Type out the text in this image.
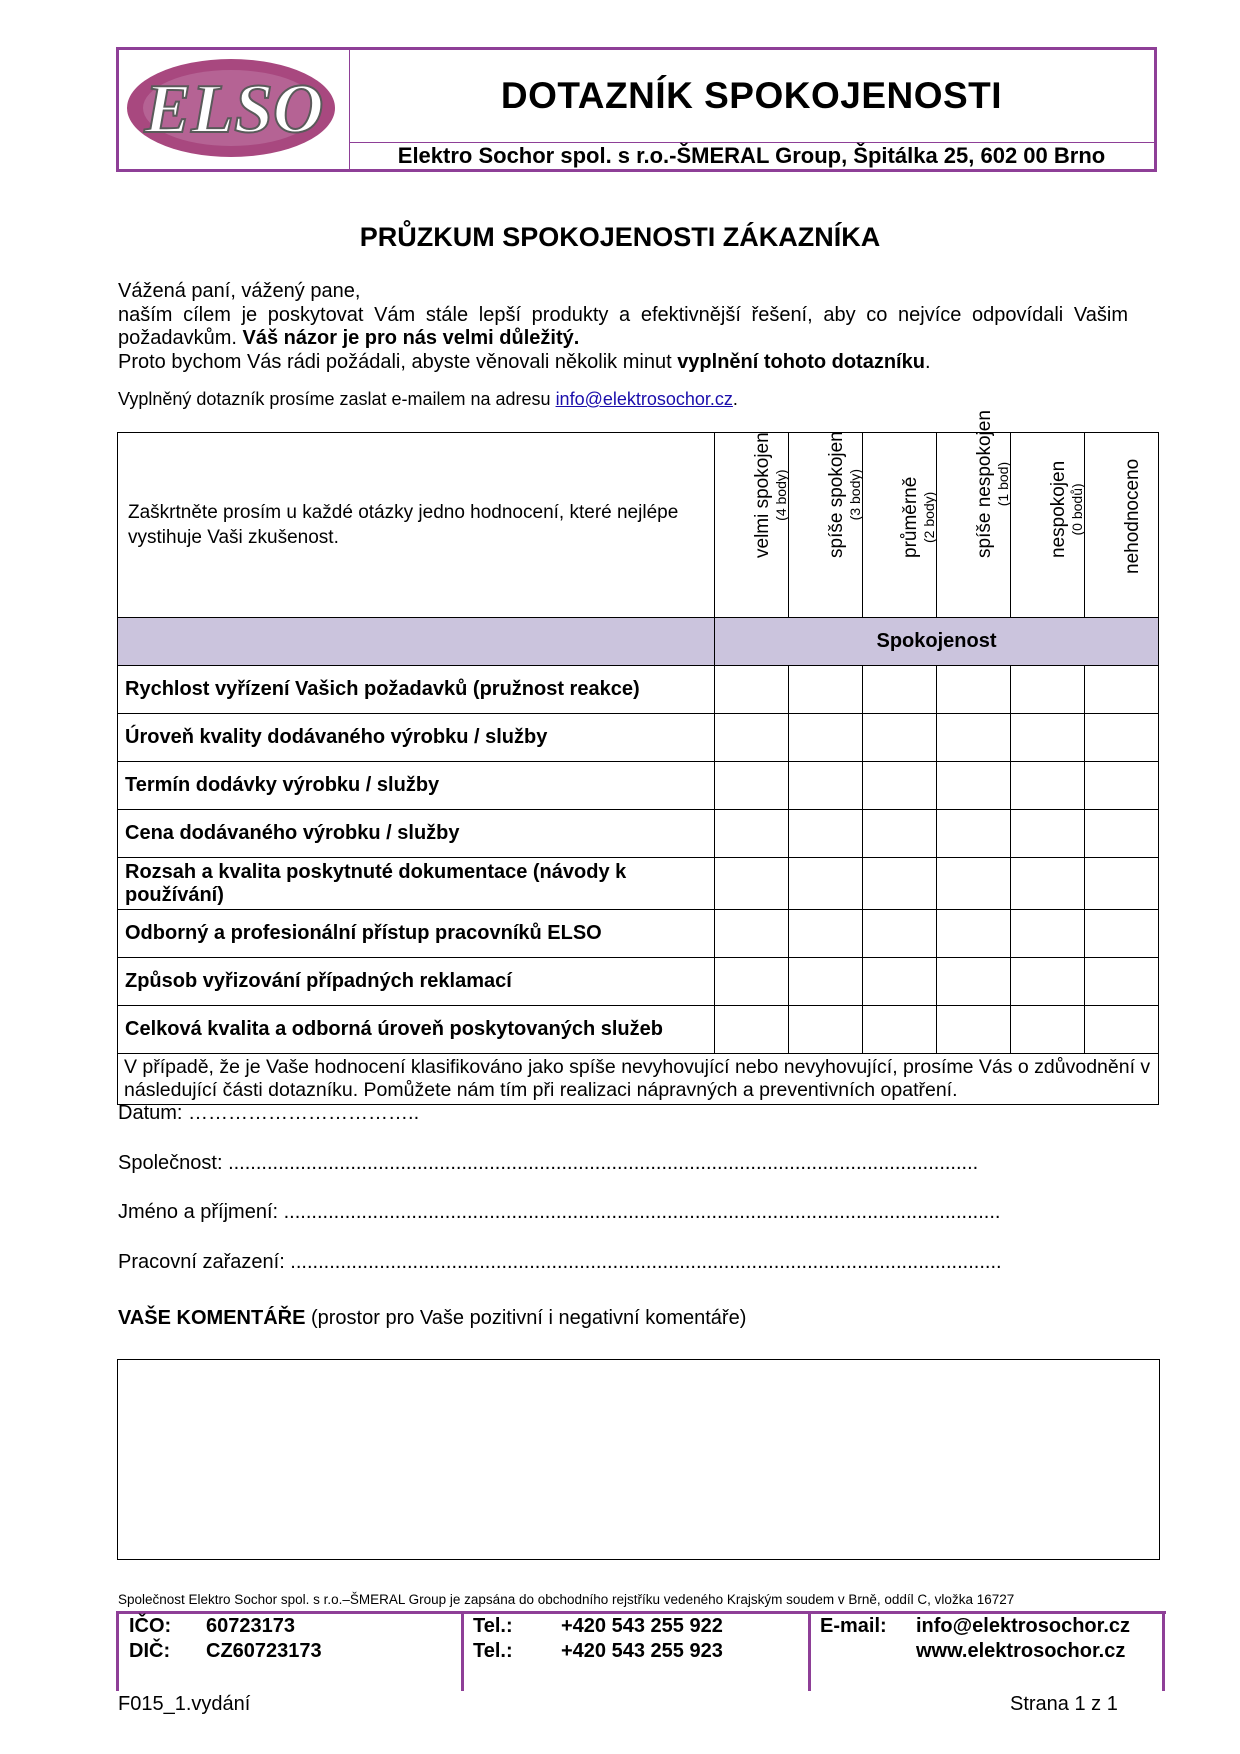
ELSO	DOTAZNÍK SPOKOJENOSTI
Elektro Sochor spol. s r.o.-ŠMERAL Group, Špitálka 25, 602 00 Brno
PRŮZKUM SPOKOJENOSTI ZÁKAZNÍKA

Vážená paní, vážený pane,

naším cílem je poskytovat Vám stále lepší produkty a efektivnější řešení, aby co nejvíce odpovídali Vašim požadavkům. Váš názor je pro nás velmi důležitý.

Proto bychom Vás rádi požádali, abyste věnovali několik minut vyplnění tohoto dotazníku.

Vyplněný dotazník prosíme zaslat e-mailem na adresu info@elektrosochor.cz.

Zaškrtněte prosím u každé otázky jedno hodnocení, které nejlépe vystihuje Vaši zkušenost.	velmi spokojen (4 body)	spíše spokojen (3 body)	průměrně (2 body)	spíše nespokojen (1 bod)	nespokojen (0 bodů)	nehodnoceno

	Spokojenost					
Rychlost vyřízení Vašich požadavků (pružnost reakce)						
Úroveň kvality dodávaného výrobku / služby						
Termín dodávky výrobku / služby						
Cena dodávaného výrobku / služby						
Rozsah a kvalita poskytnuté dokumentace (návody k používání)						
Odborný a profesionální přístup pracovníků ELSO						
Způsob vyřizování případných reklamací						
Celková kvalita a odborná úroveň poskytovaných služeb						
V případě, že je Vaše hodnocení klasifikováno jako spíše nevyhovující nebo nevyhovující, prosíme Vás o zdůvodnění v následující části dotazníku. Pomůžete nám tím při realizaci nápravných a preventivních opatření.						
Datum: ……………………………..
Společnost: .......................................................................................................................................
Jméno a příjmení: .................................................................................................................................
Pracovní zařazení: ................................................................................................................................
VAŠE KOMENTÁŘE (prostor pro Vaše pozitivní i negativní komentáře)
Společnost Elektro Sochor spol. s r.o.–ŠMERAL Group je zapsána do obchodního rejstříku vedeného Krajským soudem v Brně, oddíl C, vložka 16727
IČO: 60723173
DIČ: CZ60723173
Tel.: +420 543 255 922
Tel.: +420 543 255 923
E-mail: info@elektrosochor.cz
www.elektrosochor.cz
F015_1.vydání	Strana 1 z 1
